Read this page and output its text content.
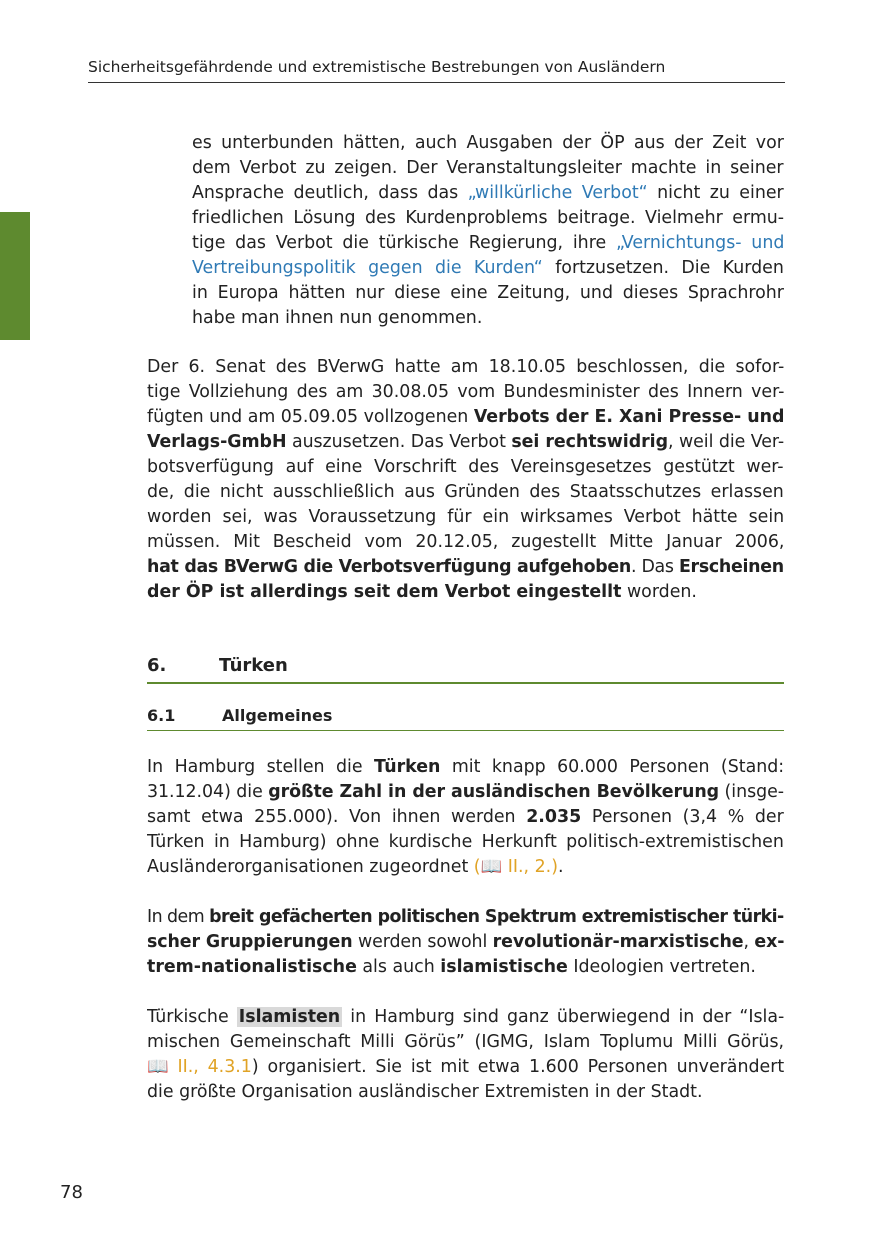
Sicherheitsgefährdende und extremistische Bestrebungen von Ausländern
es unterbunden hätten, auch Ausgaben der ÖP aus der Zeit vor
dem Verbot zu zeigen. Der Veranstaltungsleiter machte in seiner
Ansprache deutlich, dass das „willkürliche Verbot“ nicht zu einer
friedlichen Lösung des Kurdenproblems beitrage. Vielmehr ermu-
tige das Verbot die türkische Regierung, ihre „Vernichtungs- und
Vertreibungspolitik gegen die Kurden“ fortzusetzen. Die Kurden
in Europa hätten nur diese eine Zeitung, und dieses Sprachrohr
habe man ihnen nun genommen.
Der 6. Senat des BVerwG hatte am 18.10.05 beschlossen, die sofor-
tige Vollziehung des am 30.08.05 vom Bundesminister des Innern ver-
fügten und am 05.09.05 vollzogenen Verbots der E. Xani Presse- und
Verlags-GmbH auszusetzen. Das Verbot sei rechtswidrig, weil die Ver-
botsverfügung auf eine Vorschrift des Vereinsgesetzes gestützt wer-
de, die nicht ausschließlich aus Gründen des Staatsschutzes erlassen
worden sei, was Voraussetzung für ein wirksames Verbot hätte sein
müssen. Mit Bescheid vom 20.12.05, zugestellt Mitte Januar 2006,
hat das BVerwG die Verbotsverfügung aufgehoben. Das Erscheinen
der ÖP ist allerdings seit dem Verbot eingestellt worden.
6.	Türken
6.1	Allgemeines
In Hamburg stellen die Türken mit knapp 60.000 Personen (Stand:
31.12.04) die größte Zahl in der ausländischen Bevölkerung (insge-
samt etwa 255.000). Von ihnen werden 2.035 Personen (3,4 % der
Türken in Hamburg) ohne kurdische Herkunft politisch-extremistischen
Ausländerorganisationen zugeordnet (📖 II., 2.).
In dem breit gefächerten politischen Spektrum extremistischer türki-
scher Gruppierungen werden sowohl revolutionär-marxistische, ex-
trem-nationalistische als auch islamistische Ideologien vertreten.
Türkische Islamisten in Hamburg sind ganz überwiegend in der “Isla-
mischen Gemeinschaft Milli Görüs” (IGMG, Islam Toplumu Milli Görüs,
📖 II., 4.3.1) organisiert. Sie ist mit etwa 1.600 Personen unverändert
die größte Organisation ausländischer Extremisten in der Stadt.
78
